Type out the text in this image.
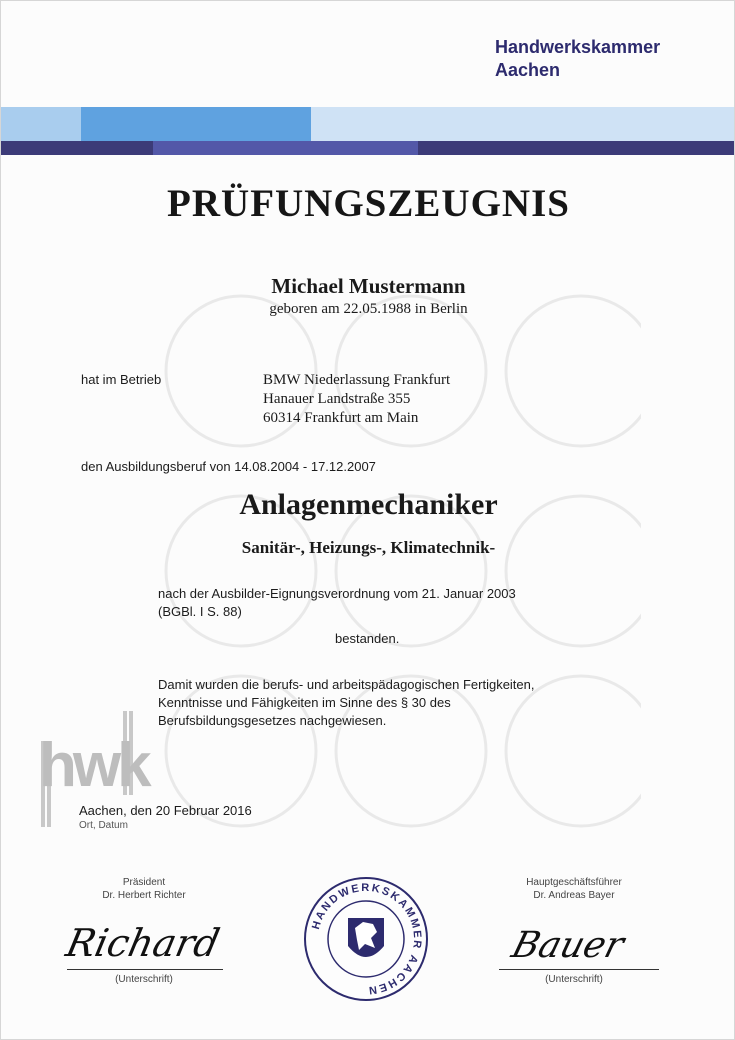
Handwerkskammer
Aachen
PRÜFUNGSZEUGNIS
Michael Mustermann
geboren am 22.05.1988 in Berlin
hat im Betrieb	BMW Niederlassung Frankfurt
Hanauer Landstraße 355
60314 Frankfurt am Main
den Ausbildungsberuf von 14.08.2004 - 17.12.2007
Anlagenmechaniker
Sanitär-, Heizungs-, Klimatechnik-
nach der Ausbilder-Eignungsverordnung vom 21. Januar 2003
(BGBl. I S. 88)
bestanden.
Damit wurden die berufs- und arbeitspädagogischen Fertigkeiten,
Kenntnisse und Fähigkeiten im Sinne des § 30 des
Berufsbildungsgesetzes nachgewiesen.
hwk
Aachen, den 20 Februar 2016
Ort, Datum
Präsident
Dr. Herbert Richter
Richard
(Unterschrift)
HANDWERKSKAMMER AACHEN
Hauptgeschäftsführer
Dr. Andreas Bayer
Bauer
(Unterschrift)
